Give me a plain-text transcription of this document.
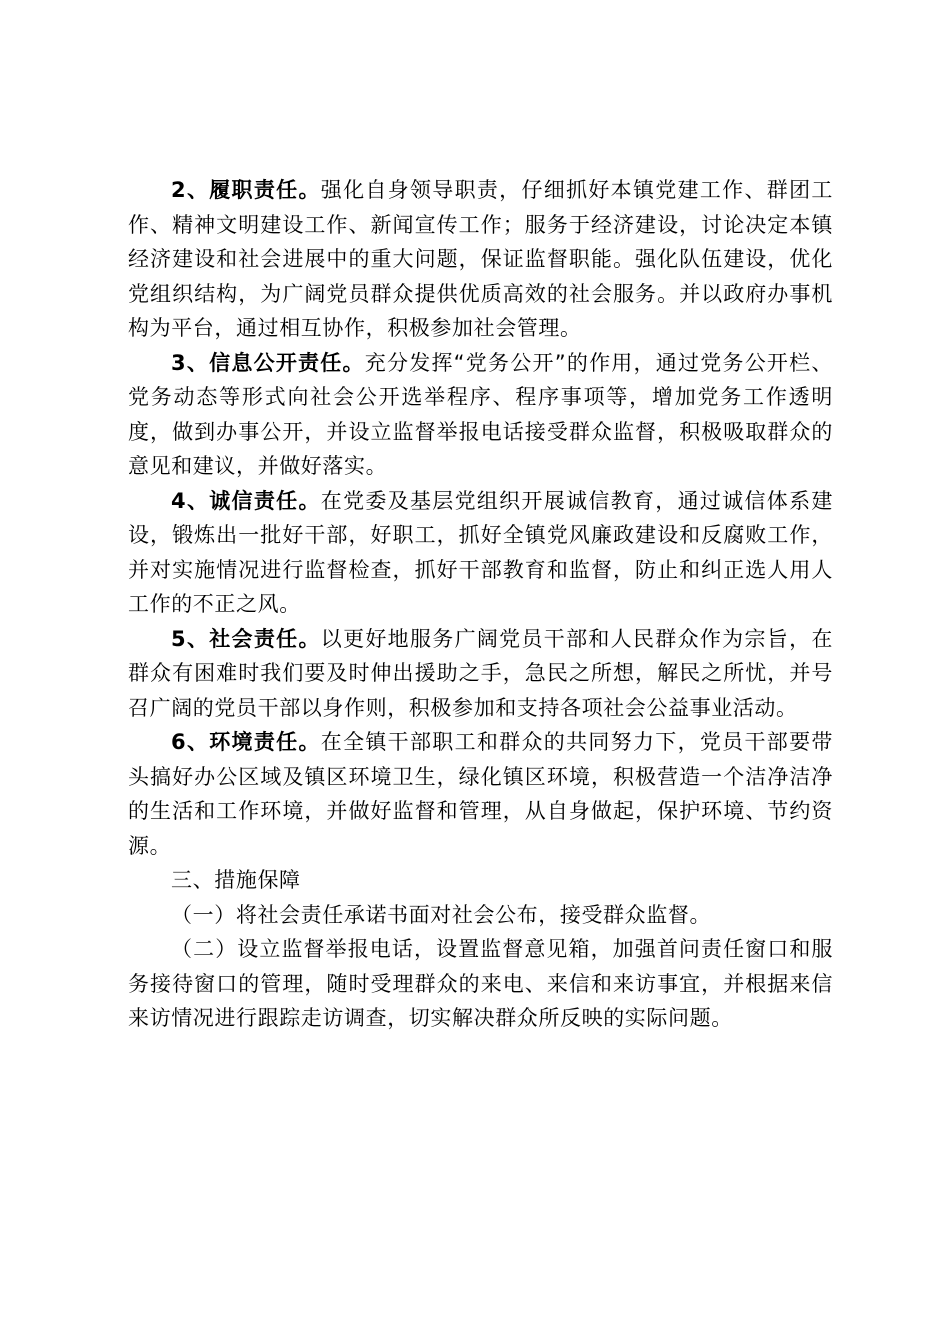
2、履职责任。强化自身领导职责，仔细抓好本镇党建工作、群团工作、精神文明建设工作、新闻宣传工作；服务于经济建设，讨论决定本镇经济建设和社会进展中的重大问题，保证监督职能。强化队伍建设，优化党组织结构，为广阔党员群众提供优质高效的社会服务。并以政府办事机构为平台，通过相互协作，积极参加社会管理。

3、信息公开责任。充分发挥“党务公开”的作用，通过党务公开栏、党务动态等形式向社会公开选举程序、程序事项等，增加党务工作透明度，做到办事公开，并设立监督举报电话接受群众监督，积极吸取群众的意见和建议，并做好落实。

4、诚信责任。在党委及基层党组织开展诚信教育，通过诚信体系建设，锻炼出一批好干部，好职工，抓好全镇党风廉政建设和反腐败工作，并对实施情况进行监督检查，抓好干部教育和监督，防止和纠正选人用人工作的不正之风。

5、社会责任。以更好地服务广阔党员干部和人民群众作为宗旨，在群众有困难时我们要及时伸出援助之手，急民之所想，解民之所忧，并号召广阔的党员干部以身作则，积极参加和支持各项社会公益事业活动。

6、环境责任。在全镇干部职工和群众的共同努力下，党员干部要带头搞好办公区域及镇区环境卫生，绿化镇区环境，积极营造一个洁净洁净的生活和工作环境，并做好监督和管理，从自身做起，保护环境、节约资源。

三、措施保障

（一）将社会责任承诺书面对社会公布，接受群众监督。

（二）设立监督举报电话，设置监督意见箱，加强首问责任窗口和服务接待窗口的管理，随时受理群众的来电、来信和来访事宜，并根据来信来访情况进行跟踪走访调查，切实解决群众所反映的实际问题。
